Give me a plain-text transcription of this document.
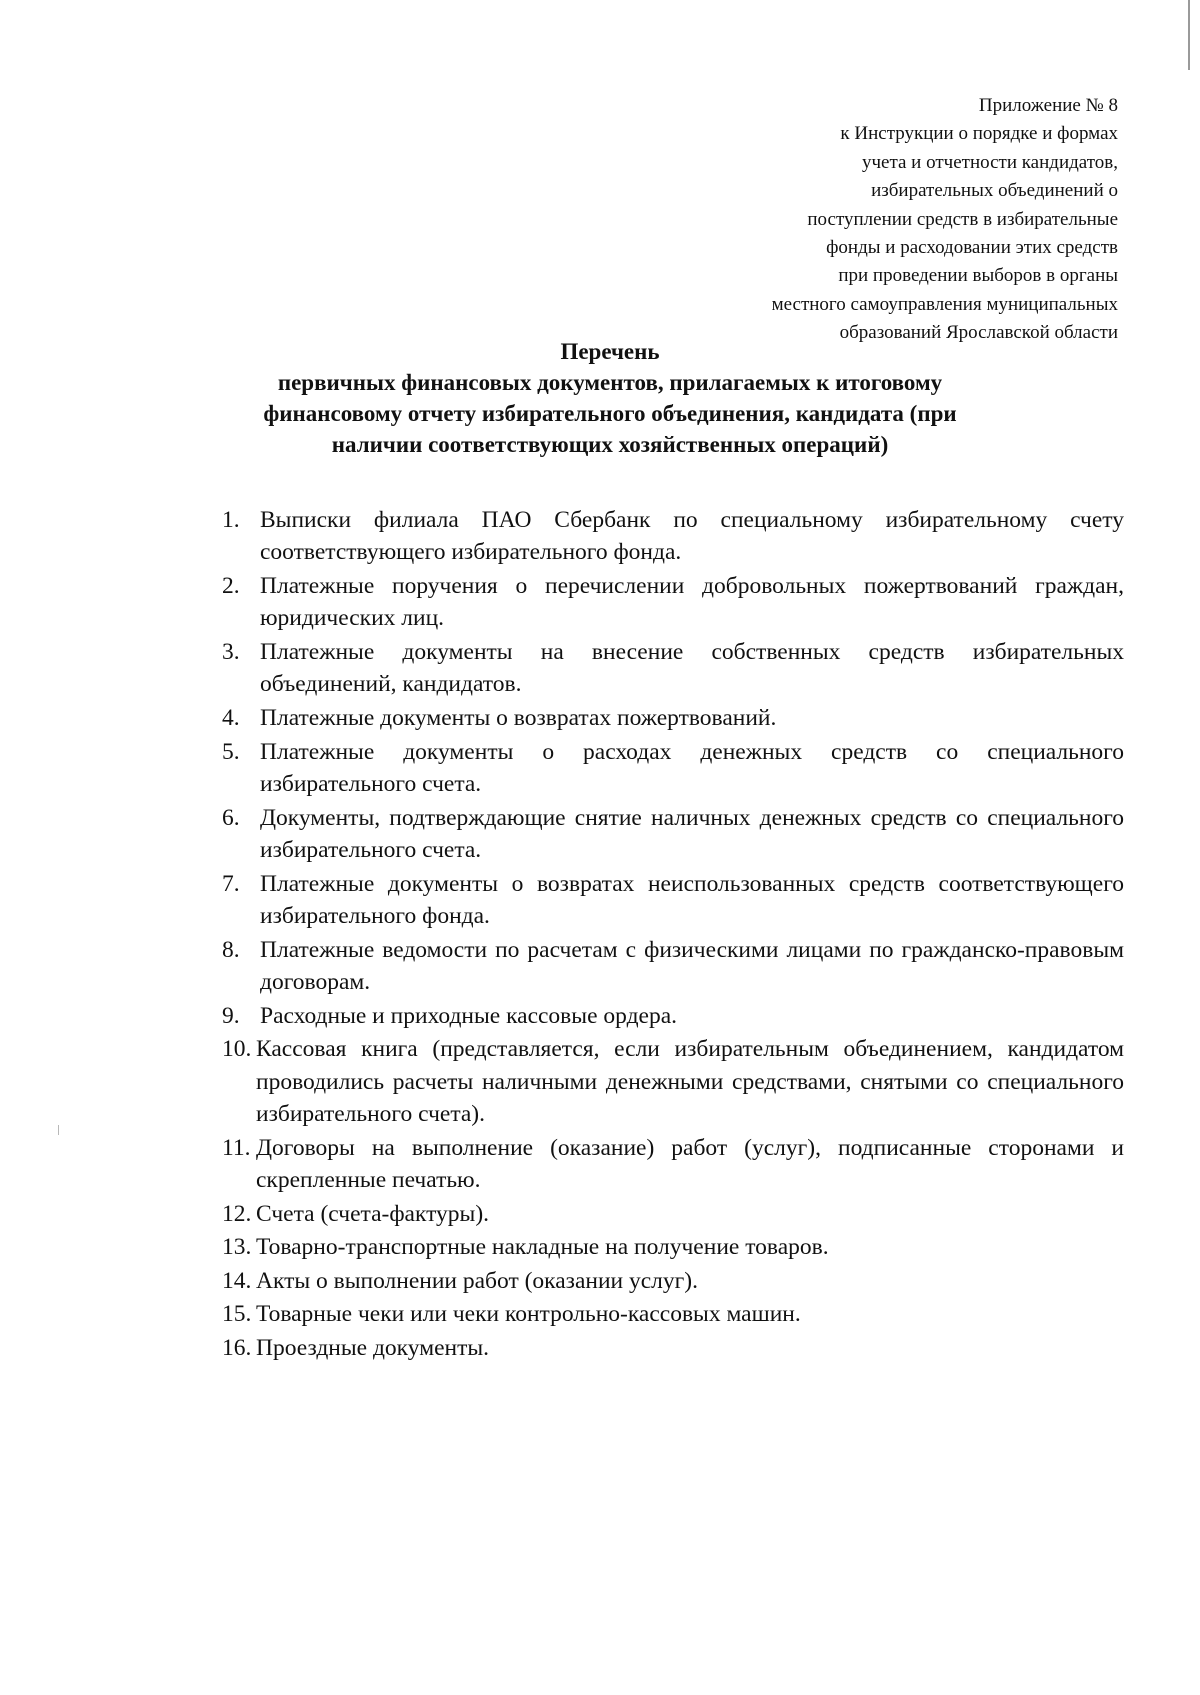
Приложение № 8
к Инструкции о порядке и формах
учета и отчетности кандидатов,
избирательных объединений о
поступлении средств в избирательные
фонды и расходовании этих средств
при проведении выборов в органы
местного самоуправления муниципальных
образований Ярославской области
Перечень
первичных финансовых документов, прилагаемых к итоговому
финансовому отчету избирательного объединения, кандидата (при
наличии соответствующих хозяйственных операций)
1. Выписки филиала ПАО Сбербанк по специальному избирательному счету соответствующего избирательного фонда.
2. Платежные поручения о перечислении добровольных пожертвований граждан, юридических лиц.
3. Платежные документы на внесение собственных средств избирательных объединений, кандидатов.
4. Платежные документы о возвратах пожертвований.
5. Платежные документы о расходах денежных средств со специального избирательного счета.
6. Документы, подтверждающие снятие наличных денежных средств со специального избирательного счета.
7. Платежные документы о возвратах неиспользованных средств соответствующего избирательного фонда.
8. Платежные ведомости по расчетам с физическими лицами по гражданско-правовым договорам.
9. Расходные и приходные кассовые ордера.
10. Кассовая книга (представляется, если избирательным объединением, кандидатом проводились расчеты наличными денежными средствами, снятыми со специального избирательного счета).
11. Договоры на выполнение (оказание) работ (услуг), подписанные сторонами и скрепленные печатью.
12. Счета (счета-фактуры).
13. Товарно-транспортные накладные на получение товаров.
14. Акты о выполнении работ (оказании услуг).
15. Товарные чеки или чеки контрольно-кассовых машин.
16. Проездные документы.
